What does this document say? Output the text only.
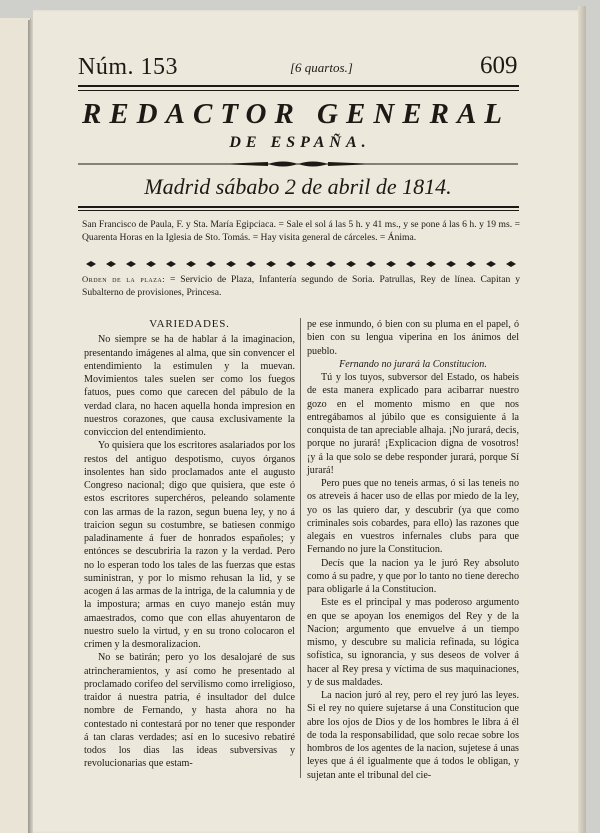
Núm. 153	[6 quartos.]	609
REDACTOR GENERAL
DE ESPAÑA.
Madrid sábabo 2 de abril de 1814.
San Francisco de Paula, F. y Sta. María Egipciaca. = Sale el sol á las 5 h. y 41 ms., y se pone á las 6 h. y 19 ms. = Quarenta Horas en la Iglesia de Sto. Tomás. = Hay visita general de cárceles. = Ánima.
Orden de la plaza: = Servicio de Plaza, Infantería segundo de Soria. Patrullas, Rey de línea. Capitan y Subalterno de provisiones, Princesa.

VARIEDADES.

No siempre se ha de hablar á la imaginacion, presentando imágenes al alma, que sin convencer el entendimiento la estimulen y la muevan. Movimientos tales suelen ser como los fuegos fatuos, pues como que carecen del pábulo de la verdad clara, no hacen aquella honda impresion en nuestros corazones, que causa exclusivamente la conviccion del entendimiento.

Yo quisiera que los escritores asalariados por los restos del antiguo despotismo, cuyos órganos insolentes han sido proclamados ante el augusto Congreso nacional; digo que quisiera, que este ó estos escritores superchéros, peleando solamente con las armas de la razon, segun buena ley, y no á traicion segun su costumbre, se batiesen conmigo paladinamente á fuer de honrados españoles; y entónces se descubriria la razon y la verdad. Pero no lo esperan todo los tales de las fuerzas que estas suministran, y por lo mismo rehusan la lid, y se acogen á las armas de la intriga, de la calumnia y de la impostura; armas en cuyo manejo están muy amaestrados, como que con ellas ahuyentaron de nuestro suelo la virtud, y en su trono colocaron el crimen y la desmoralizacion.

No se batirán; pero yo los desalojaré de sus atrincheramientos, y así como he presentado al proclamado corifeo del servilismo como irreligioso, traidor á nuestra patria, é insultador del dulce nombre de Fernando, y hasta ahora no ha contestado ni contestará por no tener que responder á tan claras verdades; así en lo sucesivo rebatiré todos los dias las ideas subversivas y revolucionarias que estam-

pe ese inmundo, ó bien con su pluma en el papel, ó bien con su lengua viperina en los ánimos del pueblo.

Fernando no jurará la Constitucion.

Tú y los tuyos, subversor del Estado, os habeis de esta manera explicado para acibarrar nuestro gozo en el momento mismo en que nos entregábamos al júbilo que es consiguiente á la conquista de tan apreciable alhaja. ¡No jurará, decis, porque no jurará! ¡Explicacion digna de vosotros! ¡y á la que solo se debe responder jurará, porque Sí jurará!

Pero pues que no teneis armas, ó si las teneis no os atreveis á hacer uso de ellas por miedo de la ley, yo os las quiero dar, y descubrir (ya que como criminales sois cobardes, para ello) las razones que alegais en vuestros infernales clubs para que Fernando no jure la Constitucion.

Decís que la nacion ya le juró Rey absoluto como á su padre, y que por lo tanto no tiene derecho para obligarle á la Constitucion.

Este es el principal y mas poderoso argumento en que se apoyan los enemigos del Rey y de la Nacion; argumento que envuelve á un tiempo mismo, y descubre su malicia refinada, su lógica sofística, su ignorancia, y sus deseos de volver á hacer al Rey presa y víctima de sus maquinaciones, y de sus maldades.

La nacion juró al rey, pero el rey juró las leyes. Si el rey no quiere sujetarse á una Constitucion que abre los ojos de Dios y de los hombres le libra á él de toda la responsabilidad, que solo recae sobre los hombros de los agentes de la nacion, sujetese á unas leyes que á él igualmente que á todos le obligan, y sujetan ante el tribunal del cie-
